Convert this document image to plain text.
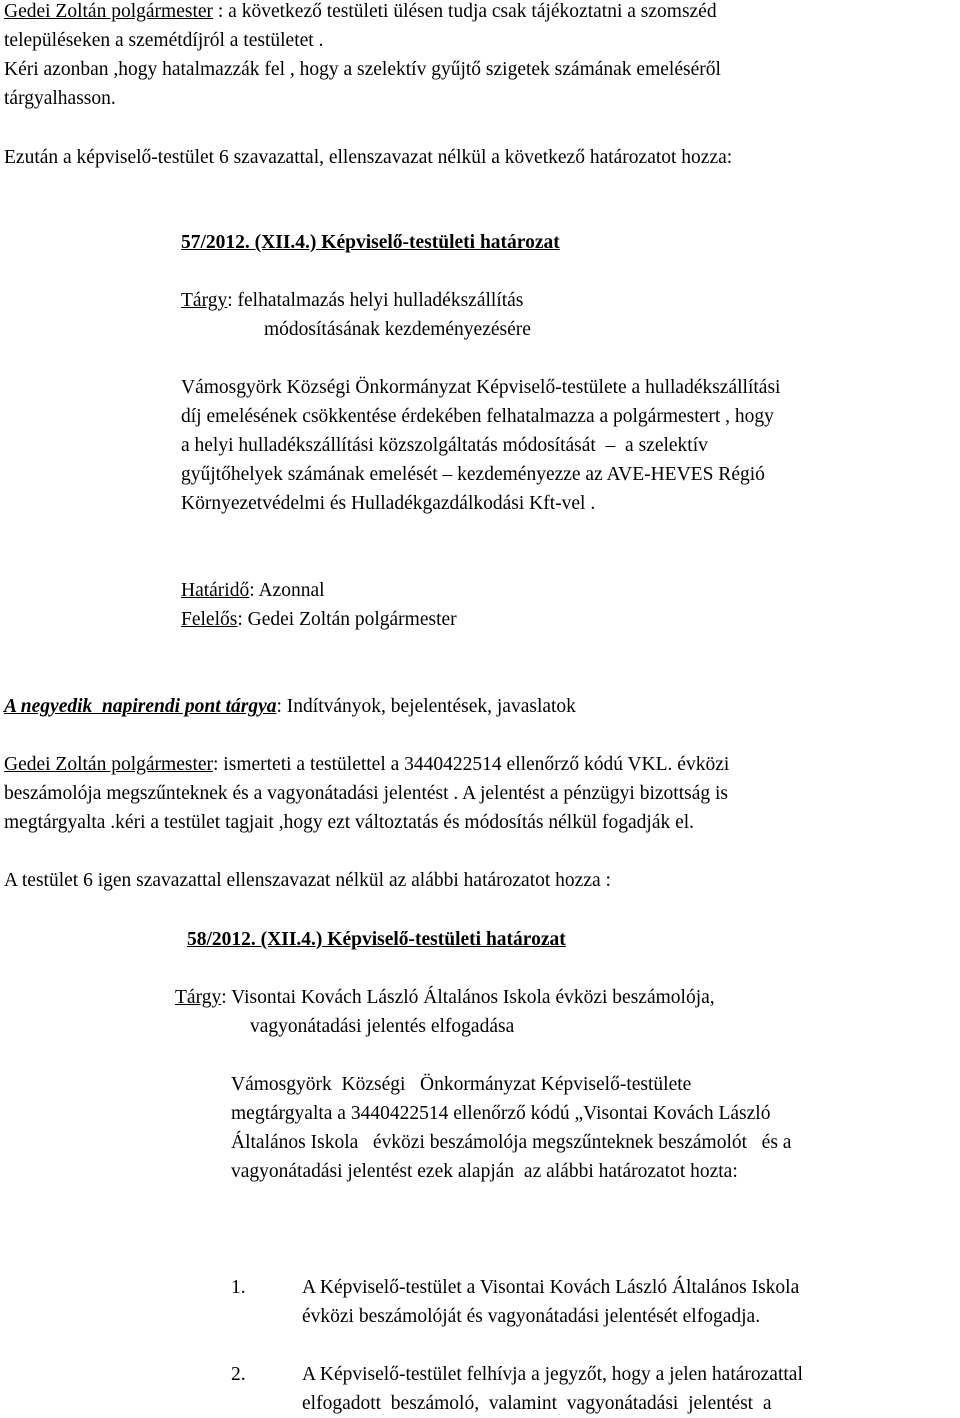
Gedei Zoltán polgármester : a következő testületi ülésen tudja csak tájékoztatni a szomszéd

településeken a szemétdíjról a testületet .

Kéri azonban ,hogy hatalmazzák fel , hogy a szelektív gyűjtő szigetek számának emeléséről

tárgyalhasson.

Ezután a képviselő-testület 6 szavazattal, ellenszavazat nélkül a következő határozatot hozza:

57/2012. (XII.4.) Képviselő-testületi határozat

Tárgy: felhatalmazás helyi hulladékszállítás

módosításának kezdeményezésére

Vámosgyörk Községi Önkormányzat Képviselő-testülete a hulladékszállítási

díj emelésének csökkentése érdekében felhatalmazza a polgármestert , hogy

a helyi hulladékszállítási közszolgáltatás módosítását  –  a szelektív

gyűjtőhelyek számának emelését – kezdeményezze az AVE-HEVES Régió

Környezetvédelmi és Hulladékgazdálkodási Kft-vel .

Határidő: Azonnal

Felelős: Gedei Zoltán polgármester

A negyedik  napirendi pont tárgya: Indítványok, bejelentések, javaslatok

Gedei Zoltán polgármester: ismerteti a testülettel a 3440422514 ellenőrző kódú VKL. évközi

beszámolója megszűnteknek és a vagyonátadási jelentést . A jelentést a pénzügyi bizottság is

megtárgyalta .kéri a testület tagjait ,hogy ezt változtatás és módosítás nélkül fogadják el.

A testület 6 igen szavazattal ellenszavazat nélkül az alábbi határozatot hozza :

58/2012. (XII.4.) Képviselő-testületi határozat

Tárgy: Visontai Kovách László Általános Iskola évközi beszámolója,

vagyonátadási jelentés elfogadása

Vámosgyörk  Községi   Önkormányzat Képviselő-testülete

megtárgyalta a 3440422514 ellenőrző kódú „Visontai Kovách László

Általános Iskola   évközi beszámolója megszűnteknek beszámolót   és a

vagyonátadási jelentést ezek alapján  az alábbi határozatot hozta:

1.	A Képviselő-testület a Visontai Kovách László Általános Iskola

évközi beszámolóját és vagyonátadási jelentését elfogadja.

2.	A Képviselő-testület felhívja a jegyzőt, hogy a jelen határozattal

elfogadott  beszámoló,  valamint  vagyonátadási  jelentést  a
